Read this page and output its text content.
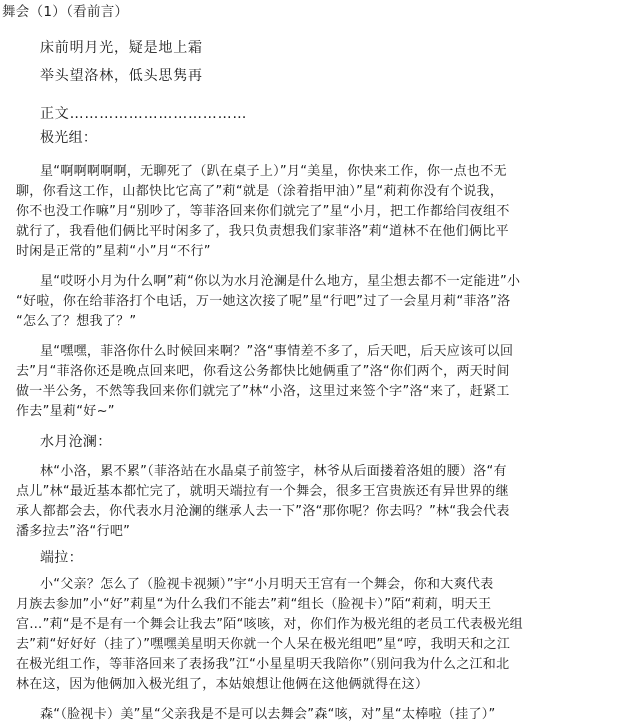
舞会（1）（看前言）
床前明月光，疑是地上霜
举头望洛林，低头思隽再
正文………………………………
极光组：
星“啊啊啊啊啊，无聊死了（趴在桌子上）”月“美星，你快来工作，你一点也不无
聊，你看这工作，山都快比它高了”莉“就是（涂着指甲油）”星“莉莉你没有个说我，
你不也没工作嘛”月“别吵了，等菲洛回来你们就完了”星“小月，把工作都给闫夜组不
就行了，我看他们俩比平时闲多了，我只负责想我们家菲洛”莉“道林不在他们俩比平
时闲是正常的”星莉“小”月“不行”
星“哎呀小月为什么啊”莉“你以为水月沧澜是什么地方，星尘想去都不一定能进”小
“好啦，你在给菲洛打个电话，万一她这次接了呢”星“行吧”过了一会星月莉“菲洛”洛
“怎么了？想我了？”
星“嘿嘿，菲洛你什么时候回来啊？”洛“事情差不多了，后天吧，后天应该可以回
去”月“菲洛你还是晚点回来吧，你看这公务都快比她俩重了”洛“你们两个，两天时间
做一半公务，不然等我回来你们就完了”林“小洛，这里过来签个字”洛“来了，赶紧工
作去”星莉“好~”
水月沧澜：
林“小洛，累不累”（菲洛站在水晶桌子前签字，林爷从后面搂着洛姐的腰）洛“有
点儿”林“最近基本都忙完了，就明天端拉有一个舞会，很多王宫贵族还有异世界的继
承人都都会去，你代表水月沧澜的继承人去一下”洛“那你呢？你去吗？”林“我会代表
潘多拉去”洛“行吧”
端拉：
小“父亲？怎么了（脸视卡视频）”宇“小月明天王宫有一个舞会，你和大爽代表
月族去参加”小“好”莉星“为什么我们不能去”莉“组长（脸视卡）”陌“莉莉，明天王
宫…”莉“是不是有一个舞会让我去”陌“咳咳，对，你们作为极光组的老员工代表极光组
去”莉“好好好（挂了）”嘿嘿美星明天你就一个人呆在极光组吧”星“哼，我明天和之江
在极光组工作，等菲洛回来了表扬我”江“小星星明天我陪你”（别问我为什么之江和北
林在这，因为他俩加入极光组了，本姑娘想让他俩在这他俩就得在这）
森“（脸视卡）美”星“父亲我是不是可以去舞会”森“咳，对”星“太棒啦（挂了）”
